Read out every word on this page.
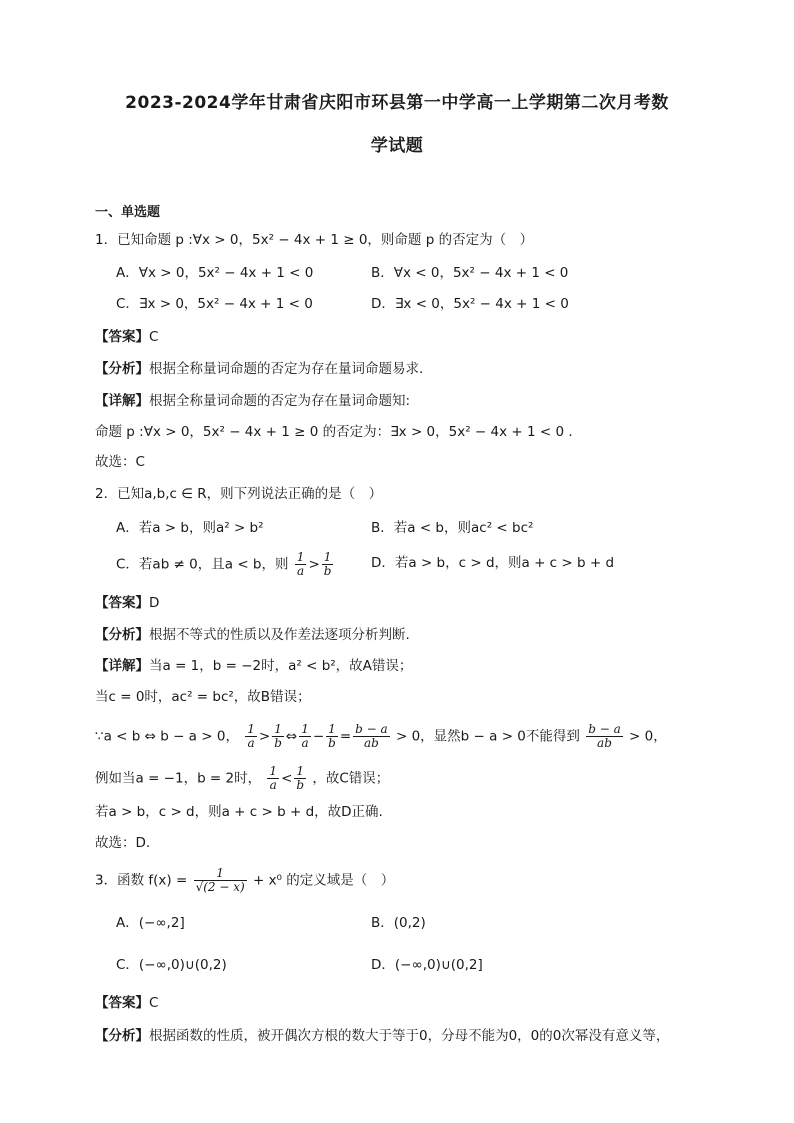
2023-2024学年甘肃省庆阳市环县第一中学高一上学期第二次月考数
学试题
一、单选题
1．已知命题 p :∀x > 0，5x² − 4x + 1 ≥ 0，则命题 p 的否定为（　）
A．∀x > 0，5x² − 4x + 1 < 0	B．∀x < 0，5x² − 4x + 1 < 0
C．∃x > 0，5x² − 4x + 1 < 0	D．∃x < 0，5x² − 4x + 1 < 0
【答案】C
【分析】根据全称量词命题的否定为存在量词命题易求.
【详解】根据全称量词命题的否定为存在量词命题知:
命题 p :∀x > 0，5x² − 4x + 1 ≥ 0 的否定为：∃x > 0，5x² − 4x + 1 < 0 .
故选：C
2．已知a,b,c ∈ R，则下列说法正确的是（　）
A．若a > b，则a² > b²	B．若a < b，则ac² < bc²
C．若ab ≠ 0，且a < b，则 $\frac{1}{a} > \frac{1}{b}$	D．若a > b，c > d，则a + c > b + d
【答案】D
【分析】根据不等式的性质以及作差法逐项分析判断.
【详解】当a = 1，b = −2时，a² < b²，故A错误；
当c = 0时，ac² = bc²，故B错误；
∵a < b ⇔ b − a > 0， $\frac{1}{a} > \frac{1}{b}$ ⇔ $\frac{1}{a} - \frac{1}{b} = \frac{b - a}{ab} > 0$，显然b − a > 0不能得到 $\frac{b - a}{ab} > 0$，
例如当a = −1，b = 2时， $\frac{1}{a} < \frac{1}{b}$ ，故C错误；
若a > b，c > d，则a + c > b + d，故D正确.
故选：D.
3．函数 $f(x) = \frac{1}{√(2 - x)} + x^0$ 的定义域是（　）
A．(−∞,2]	B．(0,2)
C．(−∞,0)∪(0,2)	D．(−∞,0)∪(0,2]
【答案】C
【分析】根据函数的性质，被开偶次方根的数大于等于0，分母不能为0，0的0次幂没有意义等，
